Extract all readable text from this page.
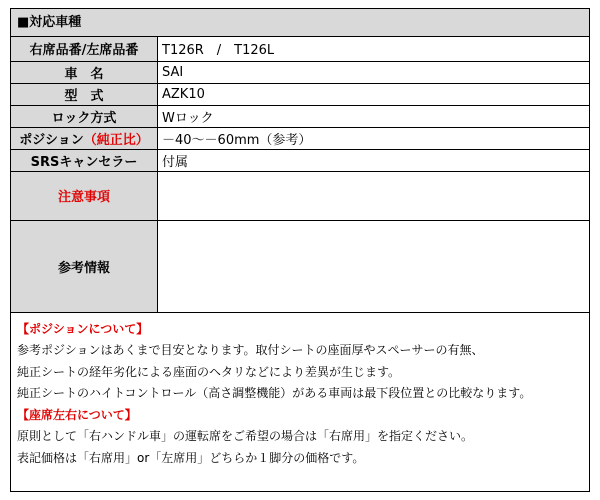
■対応車種
右席品番/左席品番	T126R　/　T126L
車　名	SAI
型　式	AZK10
ロック方式	Wロック
ポジション（純正比）	－40～－60mm（参考）
SRSキャンセラー	付属
注意事項	
参考情報	
【ポジションについて】
参考ポジションはあくまで目安となります。取付シートの座面厚やスペーサーの有無、
純正シートの経年劣化による座面のヘタリなどにより差異が生じます。
純正シートのハイトコントロール（高さ調整機能）がある車両は最下段位置との比較なります。
【座席左右について】
原則として「右ハンドル車」の運転席をご希望の場合は「右席用」を指定ください。
表記価格は「右席用」or「左席用」どちらか１脚分の価格です。
